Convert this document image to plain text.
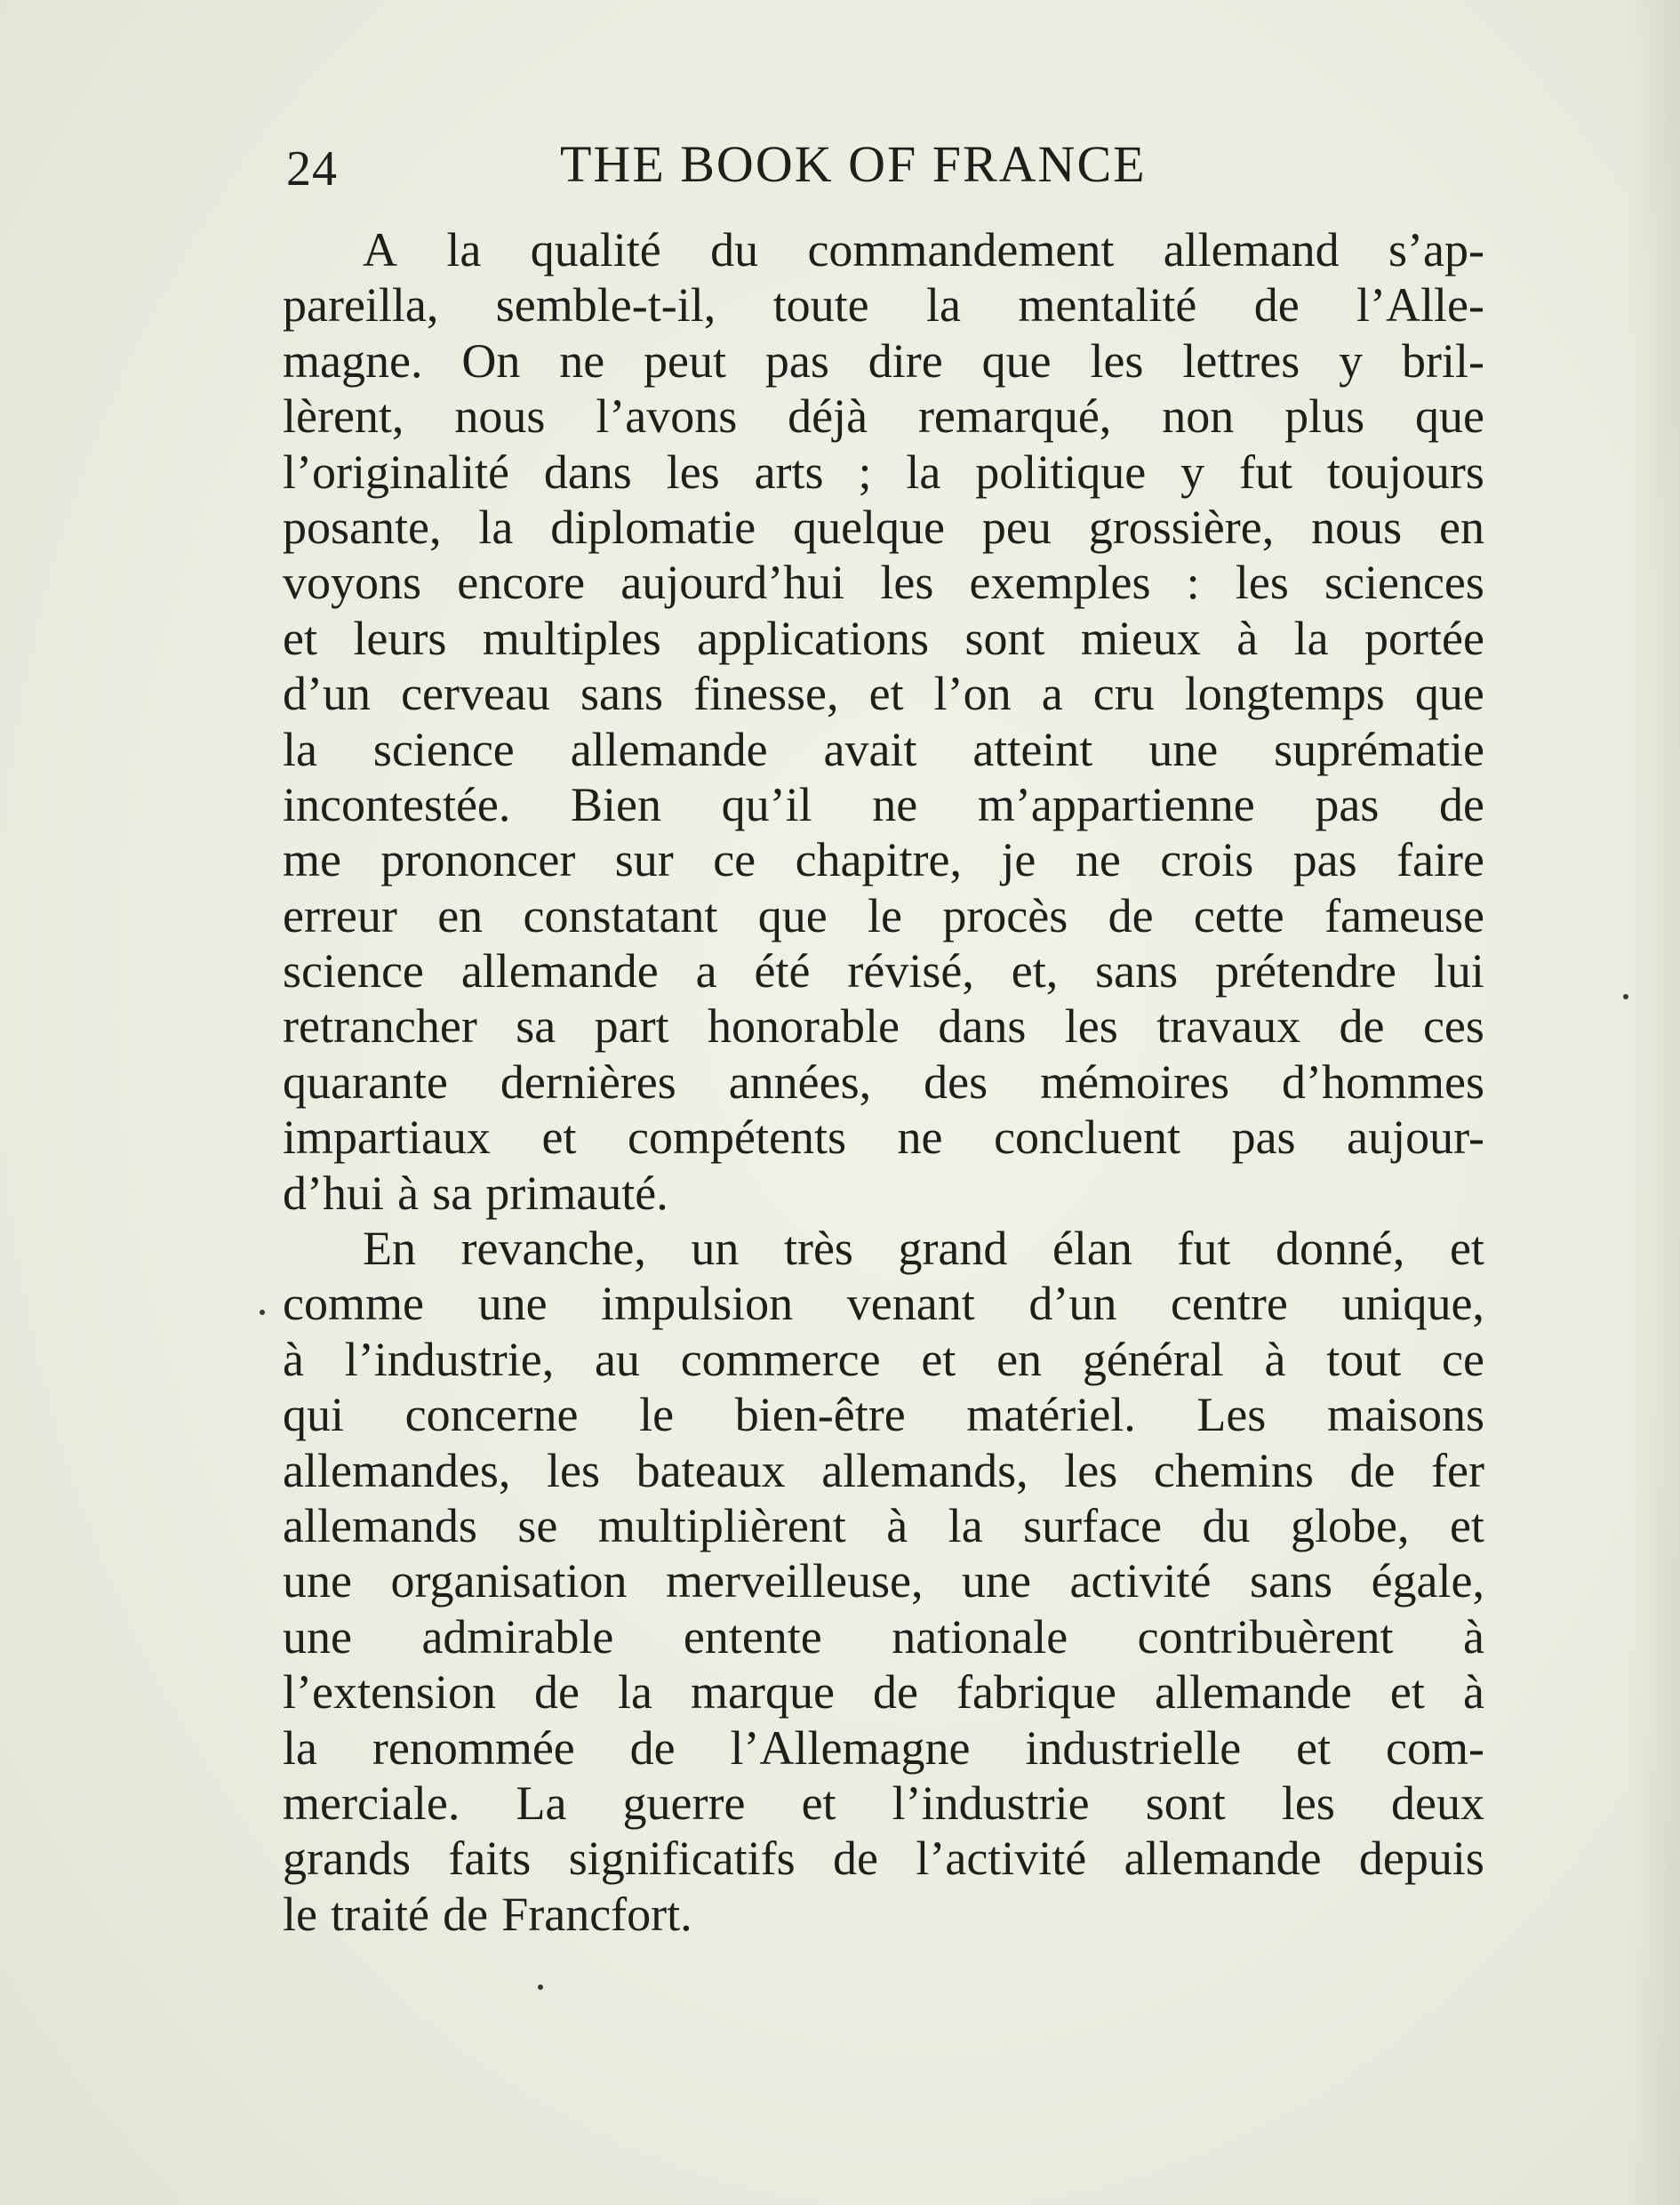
24	THE BOOK OF FRANCE
A la qualité du commandement allemand s’ap-
pareilla, semble-t-il, toute la mentalité de l’Alle-
magne. On ne peut pas dire que les lettres y bril-
lèrent, nous l’avons déjà remarqué, non plus que
l’originalité dans les arts ; la politique y fut toujours
posante, la diplomatie quelque peu grossière, nous en
voyons encore aujourd’hui les exemples : les sciences
et leurs multiples applications sont mieux à la portée
d’un cerveau sans finesse, et l’on a cru longtemps que
la science allemande avait atteint une suprématie
incontestée. Bien qu’il ne m’appartienne pas de
me prononcer sur ce chapitre, je ne crois pas faire
erreur en constatant que le procès de cette fameuse
science allemande a été révisé, et, sans prétendre lui
retrancher sa part honorable dans les travaux de ces
quarante dernières années, des mémoires d’hommes
impartiaux et compétents ne concluent pas aujour-
d’hui à sa primauté.
En revanche, un très grand élan fut donné, et
comme une impulsion venant d’un centre unique,
à l’industrie, au commerce et en général à tout ce
qui concerne le bien-être matériel. Les maisons
allemandes, les bateaux allemands, les chemins de fer
allemands se multiplièrent à la surface du globe, et
une organisation merveilleuse, une activité sans égale,
une admirable entente nationale contribuèrent à
l’extension de la marque de fabrique allemande et à
la renommée de l’Allemagne industrielle et com-
merciale. La guerre et l’industrie sont les deux
grands faits significatifs de l’activité allemande depuis
le traité de Francfort.
